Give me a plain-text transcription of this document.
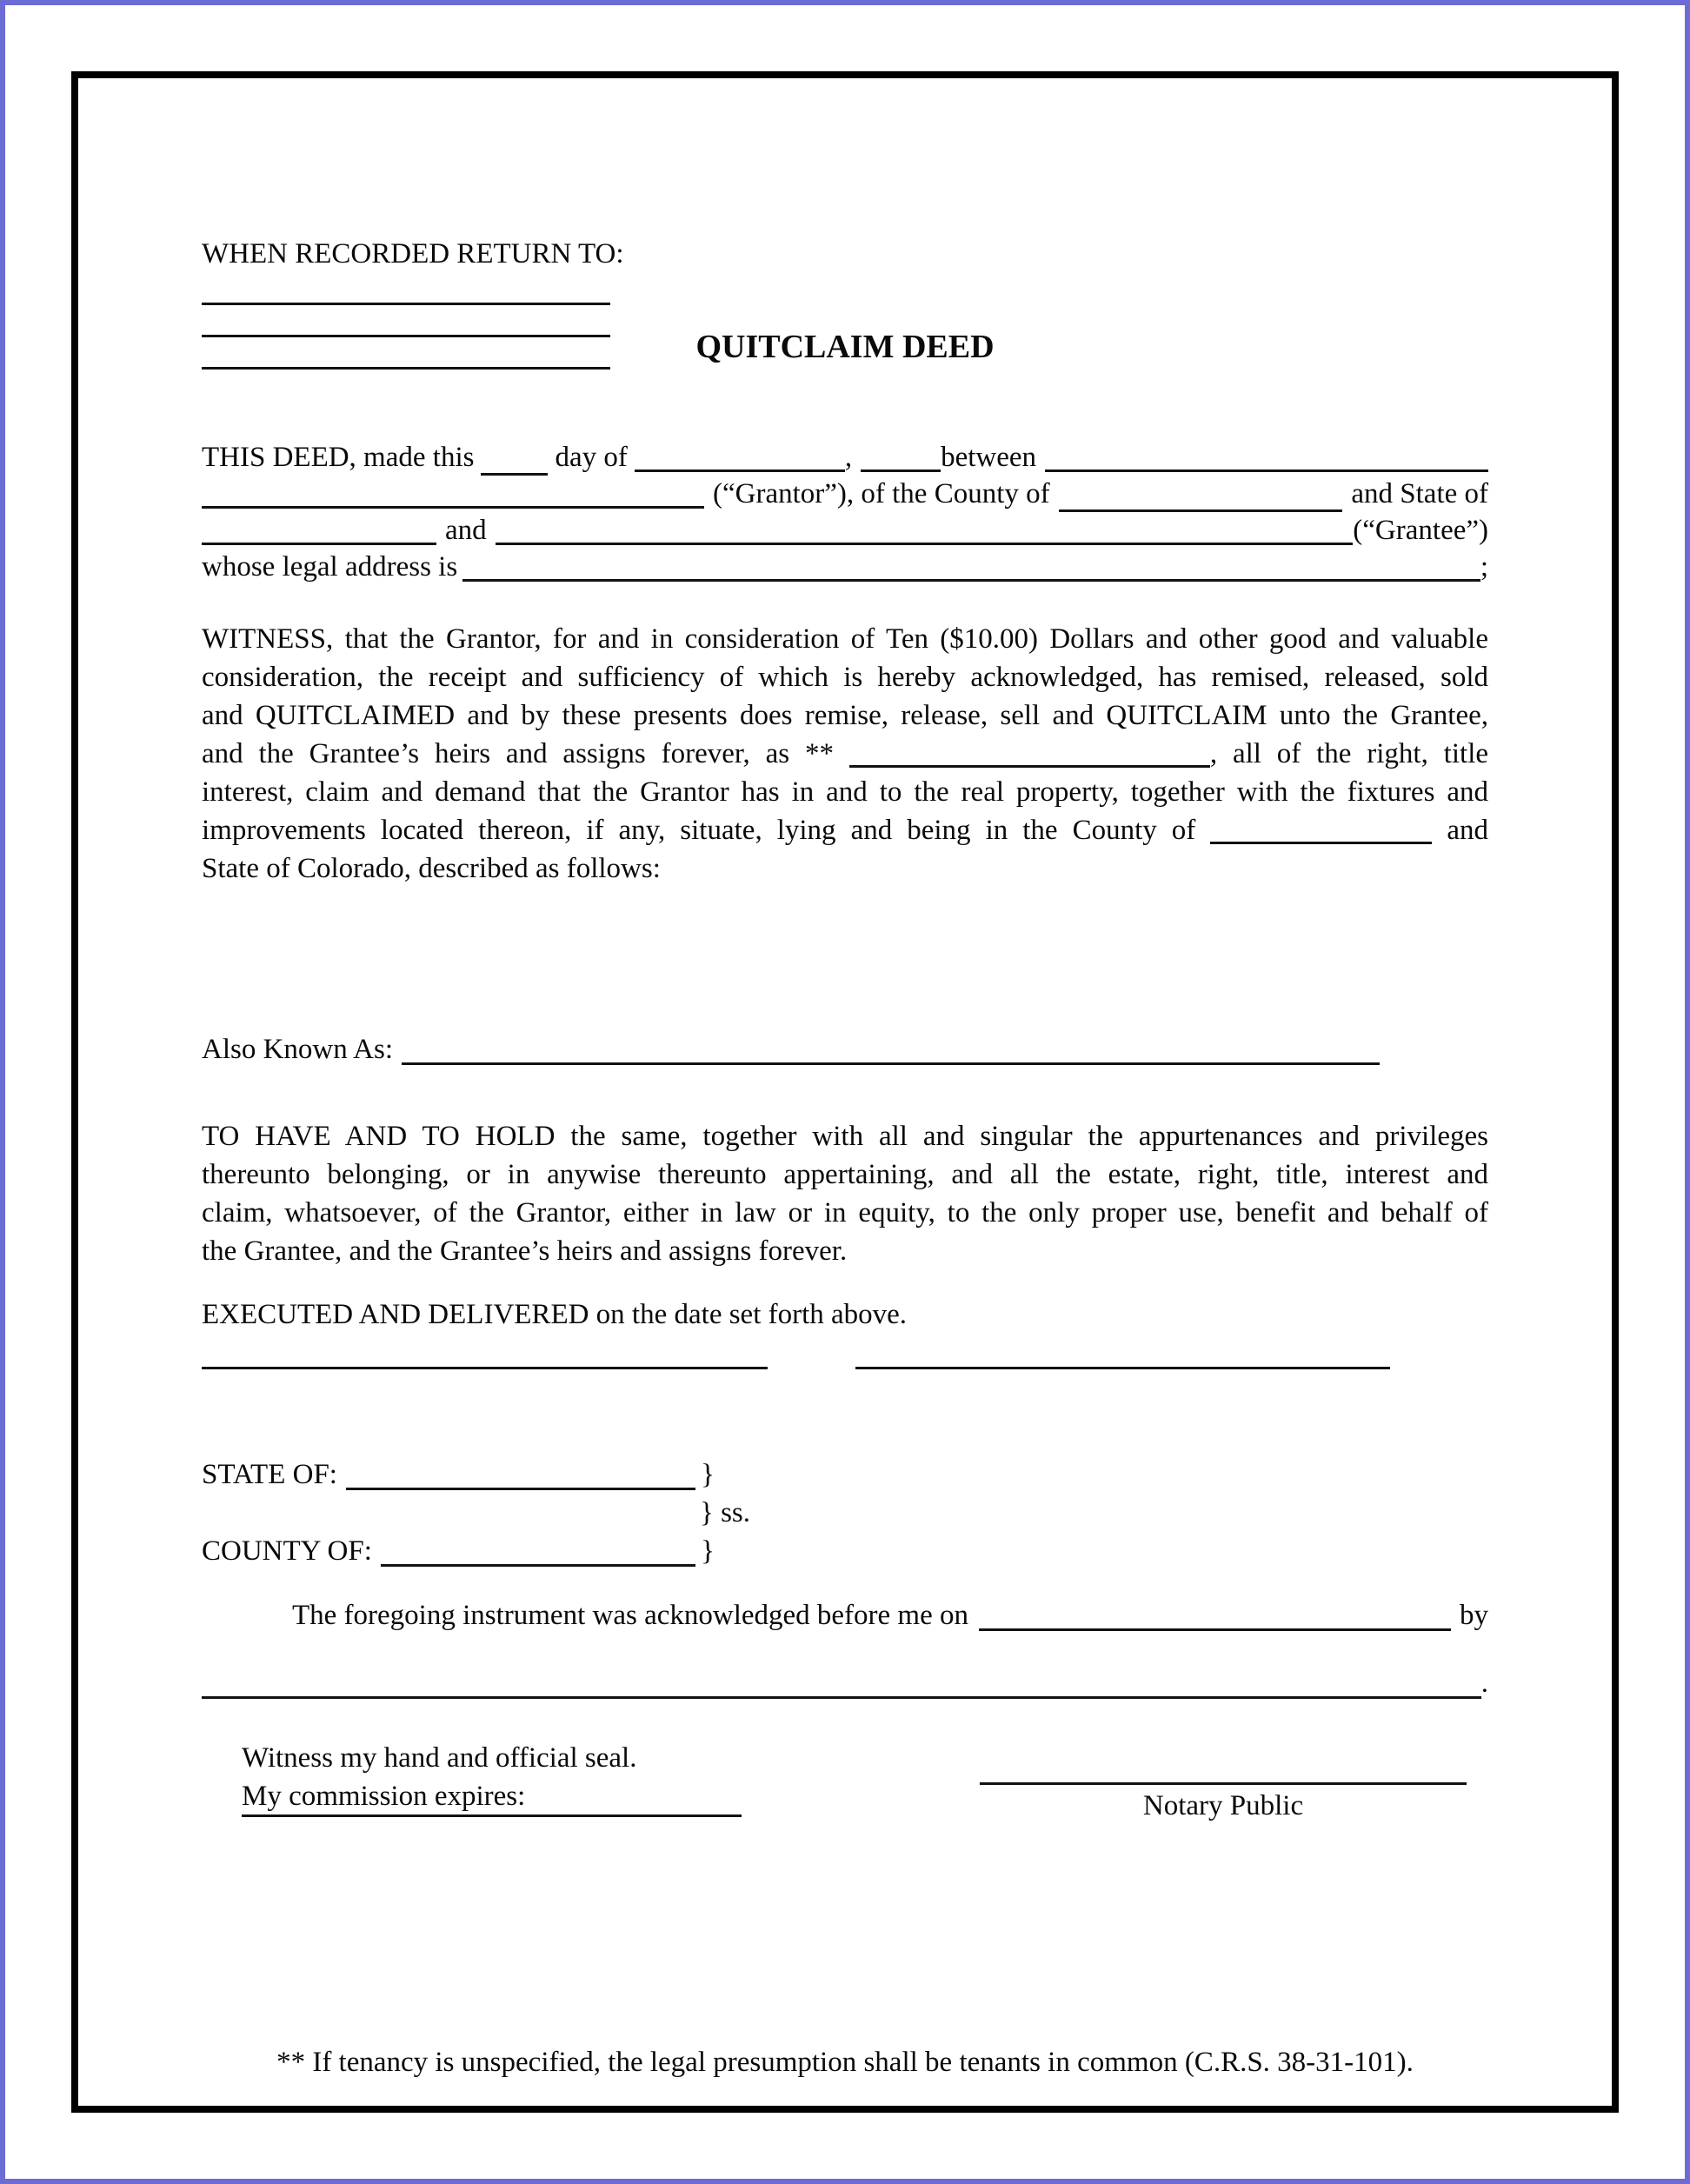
WHEN RECORDED RETURN TO:
QUITCLAIM DEED
THIS DEED, made this	day of	,	between
(“Grantor”), of the County of	and State of
and	(“Grantee”)
whose legal address is	;
WITNESS, that the Grantor, for and in consideration of Ten ($10.00) Dollars and other good and valuable
consideration, the receipt and sufficiency of which is hereby acknowledged, has remised, released, sold
and QUITCLAIMED and by these presents does remise, release, sell and QUITCLAIM unto the Grantee,
and the Grantee’s heirs and assigns forever, as **	, all of the right, title
interest, claim and demand that the Grantor has in and to the real property, together with the fixtures and
improvements located thereon, if any, situate, lying and being in the County of	and
State of Colorado, described as follows:
Also Known As:
TO HAVE AND TO HOLD the same, together with all and singular the appurtenances and privileges
thereunto belonging, or in anywise thereunto appertaining, and all the estate, right, title, interest and
claim, whatsoever, of the Grantor, either in law or in equity, to the only proper use, benefit and behalf of
the Grantee, and the Grantee’s heirs and assigns forever.
EXECUTED AND DELIVERED on the date set forth above.
STATE OF:	}
} ss.
COUNTY OF:	}
The foregoing instrument was acknowledged before me on	by
.
Witness my hand and official seal.
My commission expires:	Notary Public
** If tenancy is unspecified, the legal presumption shall be tenants in common (C.R.S. 38-31-101).
